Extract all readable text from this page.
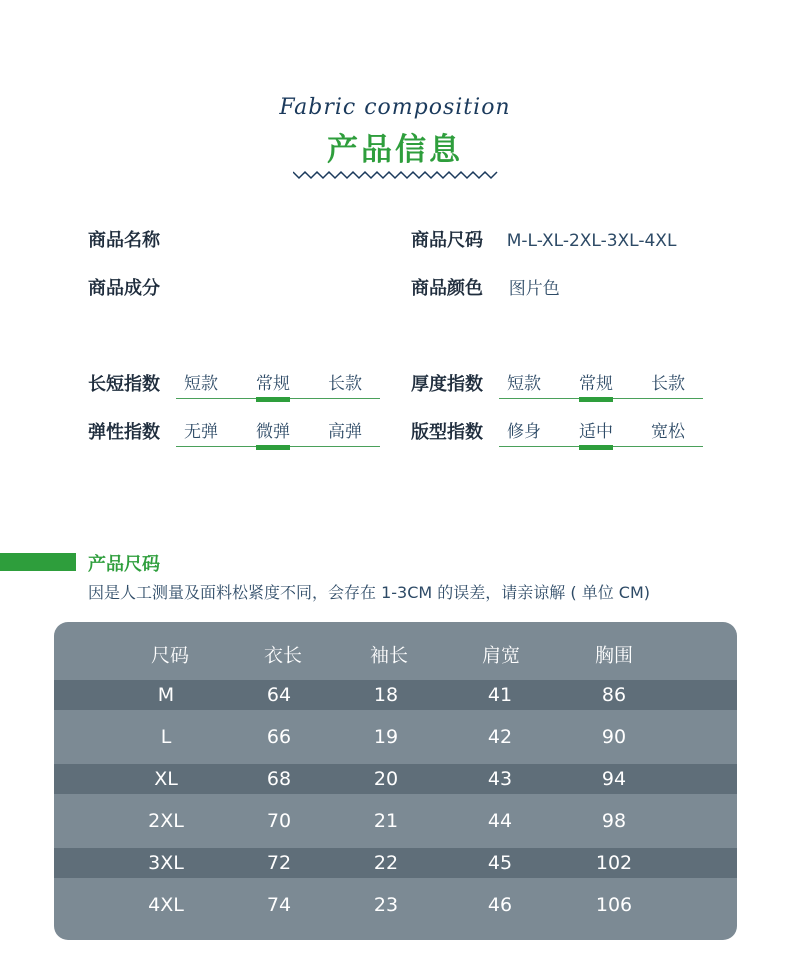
Fabric composition
产品信息
商品名称
商品成分
商品尺码 M-L-XL-2XL-3XL-4XL
商品颜色 图片色
长短指数 短款 常规 长款	厚度指数 短款 常规 长款
弹性指数 无弹 微弹 高弹	版型指数 修身 适中 宽松
产品尺码
因是人工测量及面料松紧度不同，会存在 1-3CM 的误差，请亲谅解 ( 单位 CM)
尺码	衣长	袖长	肩宽	胸围
M	64	18	41	86
L	66	19	42	90
XL	68	20	43	94
2XL	70	21	44	98
3XL	72	22	45	102
4XL	74	23	46	106
